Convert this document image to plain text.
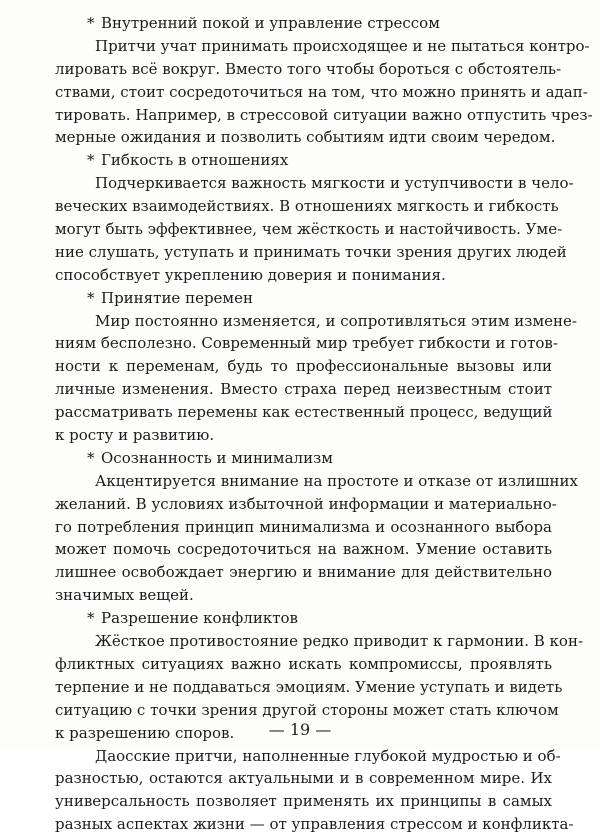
* Внутренний покой и управление стрессом
Притчи учат принимать происходящее и не пытаться контро-
лировать всё вокруг. Вместо того чтобы бороться с обстоятель-
ствами, стоит сосредоточиться на том, что можно принять и адап-
тировать. Например, в стрессовой ситуации важно отпустить чрез-
мерные ожидания и позволить событиям идти своим чередом.
* Гибкость в отношениях
Подчеркивается важность мягкости и уступчивости в чело-
веческих взаимодействиях. В отношениях мягкость и гибкость
могут быть эффективнее, чем жёсткость и настойчивость. Уме-
ние слушать, уступать и принимать точки зрения других людей
способствует укреплению доверия и понимания.
* Принятие перемен
Мир постоянно изменяется, и сопротивляться этим измене-
ниям бесполезно. Современный мир требует гибкости и готов-
ности к переменам, будь то профессиональные вызовы или
личные изменения. Вместо страха перед неизвестным стоит
рассматривать перемены как естественный процесс, ведущий
к росту и развитию.
* Осознанность и минимализм
Акцентируется внимание на простоте и отказе от излишних
желаний. В условиях избыточной информации и материально-
го потребления принцип минимализма и осознанного выбора
может помочь сосредоточиться на важном. Умение оставить
лишнее освобождает энергию и внимание для действительно
значимых вещей.
* Разрешение конфликтов
Жёсткое противостояние редко приводит к гармонии. В кон-
фликтных ситуациях важно искать компромиссы, проявлять
терпение и не поддаваться эмоциям. Умение уступать и видеть
ситуацию с точки зрения другой стороны может стать ключом
к разрешению споров.
Даосские притчи, наполненные глубокой мудростью и об-
разностью, остаются актуальными и в современном мире. Их
универсальность позволяет применять их принципы в самых
разных аспектах жизни — от управления стрессом и конфликта-
— 19 —
